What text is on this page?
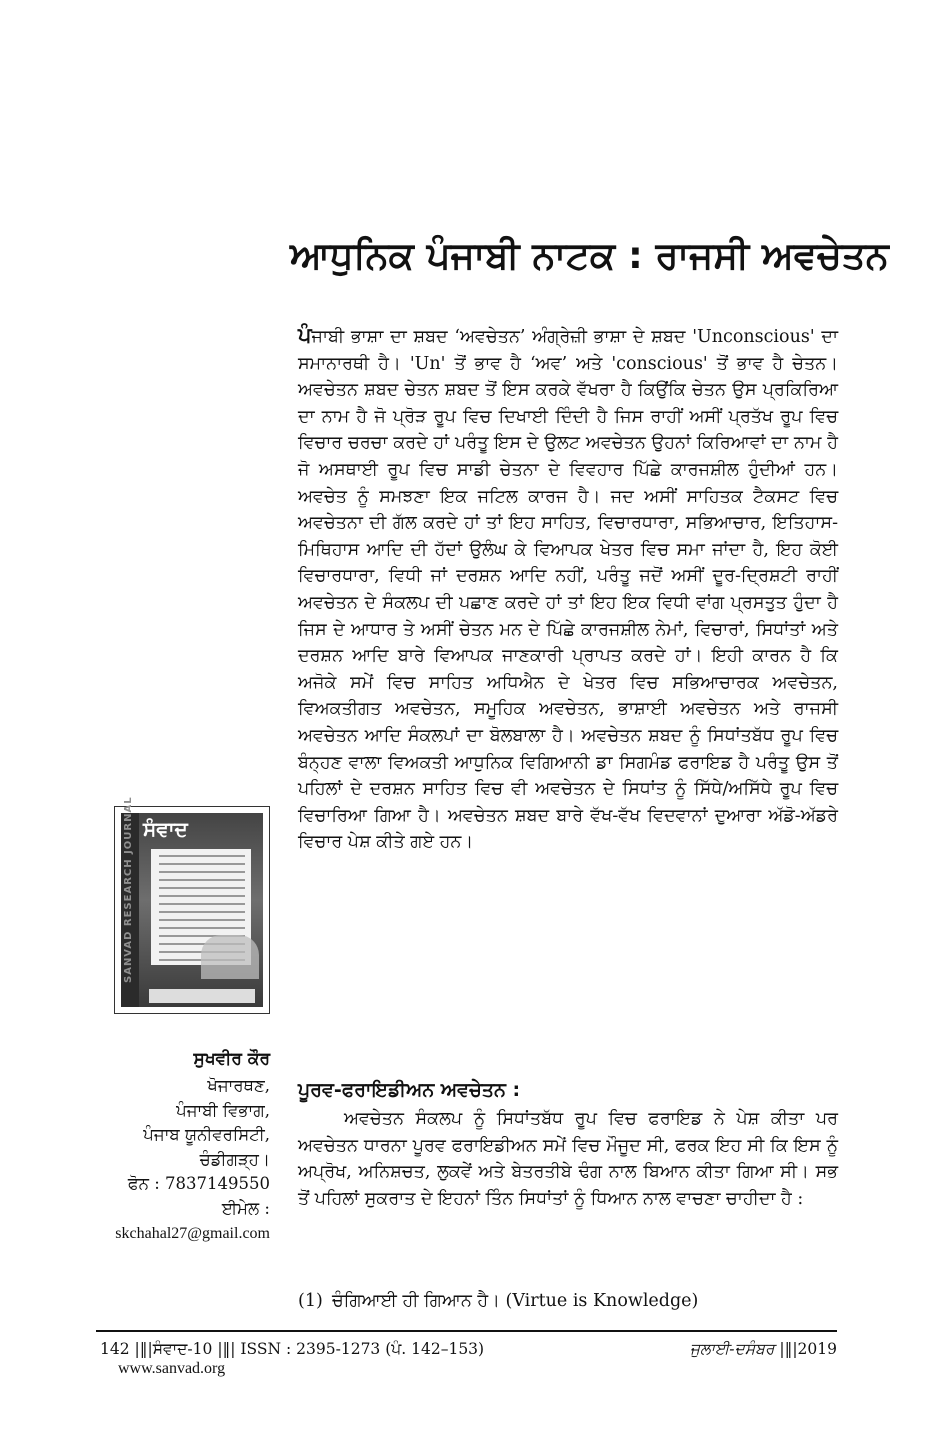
ਆਧੁਨਿਕ ਪੰਜਾਬੀ ਨਾਟਕ : ਰਾਜਸੀ ਅਵਚੇਤਨ

ਪੰਜਾਬੀ ਭਾਸ਼ਾ ਦਾ ਸ਼ਬਦ ‘ਅਵਚੇਤਨ’ ਅੰਗ੍ਰੇਜ਼ੀ ਭਾਸ਼ਾ ਦੇ ਸ਼ਬਦ 'Unconscious' ਦਾ ਸਮਾਨਾਰਥੀ ਹੈ। 'Un' ਤੋਂ ਭਾਵ ਹੈ ‘ਅਵ’ ਅਤੇ 'conscious' ਤੋਂ ਭਾਵ ਹੈ ਚੇਤਨ। ਅਵਚੇਤਨ ਸ਼ਬਦ ਚੇਤਨ ਸ਼ਬਦ ਤੋਂ ਇਸ ਕਰਕੇ ਵੱਖਰਾ ਹੈ ਕਿਉਂਕਿ ਚੇਤਨ ਉਸ ਪ੍ਰਕਿਰਿਆ ਦਾ ਨਾਮ ਹੈ ਜੋ ਪ੍ਰੋੜ ਰੂਪ ਵਿਚ ਦਿਖਾਈ ਦਿੰਦੀ ਹੈ ਜਿਸ ਰਾਹੀਂ ਅਸੀਂ ਪ੍ਰਤੱਖ ਰੂਪ ਵਿਚ ਵਿਚਾਰ ਚਰਚਾ ਕਰਦੇ ਹਾਂ ਪਰੰਤੂ ਇਸ ਦੇ ਉਲਟ ਅਵਚੇਤਨ ਉਹਨਾਂ ਕਿਰਿਆਵਾਂ ਦਾ ਨਾਮ ਹੈ ਜੋ ਅਸਥਾਈ ਰੂਪ ਵਿਚ ਸਾਡੀ ਚੇਤਨਾ ਦੇ ਵਿਵਹਾਰ ਪਿੱਛੇ ਕਾਰਜਸ਼ੀਲ ਹੁੰਦੀਆਂ ਹਨ। ਅਵਚੇਤ ਨੂੰ ਸਮਝਣਾ ਇਕ ਜਟਿਲ ਕਾਰਜ ਹੈ। ਜਦ ਅਸੀਂ ਸਾਹਿਤਕ ਟੈਕਸਟ ਵਿਚ ਅਵਚੇਤਨਾ ਦੀ ਗੱਲ ਕਰਦੇ ਹਾਂ ਤਾਂ ਇਹ ਸਾਹਿਤ, ਵਿਚਾਰਧਾਰਾ, ਸਭਿਆਚਾਰ, ਇਤਿਹਾਸ-ਮਿਥਿਹਾਸ ਆਦਿ ਦੀ ਹੱਦਾਂ ਉਲੰਘ ਕੇ ਵਿਆਪਕ ਖੇਤਰ ਵਿਚ ਸਮਾ ਜਾਂਦਾ ਹੈ, ਇਹ ਕੋਈ ਵਿਚਾਰਧਾਰਾ, ਵਿਧੀ ਜਾਂ ਦਰਸ਼ਨ ਆਦਿ ਨਹੀਂ, ਪਰੰਤੂ ਜਦੋਂ ਅਸੀਂ ਦੂਰ-ਦ੍ਰਿਸ਼ਟੀ ਰਾਹੀਂ ਅਵਚੇਤਨ ਦੇ ਸੰਕਲਪ ਦੀ ਪਛਾਣ ਕਰਦੇ ਹਾਂ ਤਾਂ ਇਹ ਇਕ ਵਿਧੀ ਵਾਂਗ ਪ੍ਰਸਤੁਤ ਹੁੰਦਾ ਹੈ ਜਿਸ ਦੇ ਆਧਾਰ ਤੇ ਅਸੀਂ ਚੇਤਨ ਮਨ ਦੇ ਪਿੱਛੇ ਕਾਰਜਸ਼ੀਲ ਨੇਮਾਂ, ਵਿਚਾਰਾਂ, ਸਿਧਾਂਤਾਂ ਅਤੇ ਦਰਸ਼ਨ ਆਦਿ ਬਾਰੇ ਵਿਆਪਕ ਜਾਣਕਾਰੀ ਪ੍ਰਾਪਤ ਕਰਦੇ ਹਾਂ। ਇਹੀ ਕਾਰਨ ਹੈ ਕਿ ਅਜੋਕੇ ਸਮੇਂ ਵਿਚ ਸਾਹਿਤ ਅਧਿਐਨ ਦੇ ਖੇਤਰ ਵਿਚ ਸਭਿਆਚਾਰਕ ਅਵਚੇਤਨ, ਵਿਅਕਤੀਗਤ ਅਵਚੇਤਨ, ਸਮੂਹਿਕ ਅਵਚੇਤਨ, ਭਾਸ਼ਾਈ ਅਵਚੇਤਨ ਅਤੇ ਰਾਜਸੀ ਅਵਚੇਤਨ ਆਦਿ ਸੰਕਲਪਾਂ ਦਾ ਬੋਲਬਾਲਾ ਹੈ। ਅਵਚੇਤਨ ਸ਼ਬਦ ਨੂੰ ਸਿਧਾਂਤਬੱਧ ਰੂਪ ਵਿਚ ਬੰਨ੍ਹਣ ਵਾਲਾ ਵਿਅਕਤੀ ਆਧੁਨਿਕ ਵਿਗਿਆਨੀ ਡਾ ਸਿਗਮੰਡ ਫਰਾਇਡ ਹੈ ਪਰੰਤੂ ਉਸ ਤੋਂ ਪਹਿਲਾਂ ਦੇ ਦਰਸ਼ਨ ਸਾਹਿਤ ਵਿਚ ਵੀ ਅਵਚੇਤਨ ਦੇ ਸਿਧਾਂਤ ਨੂੰ ਸਿੱਧੇ/ਅਸਿੱਧੇ ਰੂਪ ਵਿਚ ਵਿਚਾਰਿਆ ਗਿਆ ਹੈ। ਅਵਚੇਤਨ ਸ਼ਬਦ ਬਾਰੇ ਵੱਖ-ਵੱਖ ਵਿਦਵਾਨਾਂ ਦੁਆਰਾ ਅੱਡੋ-ਅੱਡਰੇ ਵਿਚਾਰ ਪੇਸ਼ ਕੀਤੇ ਗਏ ਹਨ।

SANVAD RESEARCH JOURNAL ਸੰਵਾਦ
ਸੁਖਵੀਰ ਕੌਰ
ਖੋਜਾਰਥਣ,
ਪੰਜਾਬੀ ਵਿਭਾਗ,
ਪੰਜਾਬ ਯੂਨੀਵਰਸਿਟੀ,
ਚੰਡੀਗੜ੍ਹ।
ਫੋਨ : 7837149550
ਈਮੇਲ :
skchahal27@gmail.com
ਪੂਰਵ-ਫਰਾਇਡੀਅਨ ਅਵਚੇਤਨ :

ਅਵਚੇਤਨ ਸੰਕਲਪ ਨੂੰ ਸਿਧਾਂਤਬੱਧ ਰੂਪ ਵਿਚ ਫਰਾਇਡ ਨੇ ਪੇਸ਼ ਕੀਤਾ ਪਰ ਅਵਚੇਤਨ ਧਾਰਨਾ ਪੂਰਵ ਫਰਾਇਡੀਅਨ ਸਮੇਂ ਵਿਚ ਮੌਜੂਦ ਸੀ, ਫਰਕ ਇਹ ਸੀ ਕਿ ਇਸ ਨੂੰ ਅਪ੍ਰੋਖ, ਅਨਿਸ਼ਚਤ, ਲੁਕਵੇਂ ਅਤੇ ਬੇਤਰਤੀਬੇ ਢੰਗ ਨਾਲ ਬਿਆਨ ਕੀਤਾ ਗਿਆ ਸੀ। ਸਭ ਤੋਂ ਪਹਿਲਾਂ ਸੁਕਰਾਤ ਦੇ ਇਹਨਾਂ ਤਿੰਨ ਸਿਧਾਂਤਾਂ ਨੂੰ ਧਿਆਨ ਨਾਲ ਵਾਚਣਾ ਚਾਹੀਦਾ ਹੈ :

(1) ਚੰਗਿਆਈ ਹੀ ਗਿਆਨ ਹੈ। (Virtue is Knowledge)

142 |‖|ਸੰਵਾਦ-10 |‖| ISSN : 2395-1273 (ਪੰ. 142–153)	ਜੁਲਾਈ-ਦਸੰਬਰ |‖|2019
www.sanvad.org
